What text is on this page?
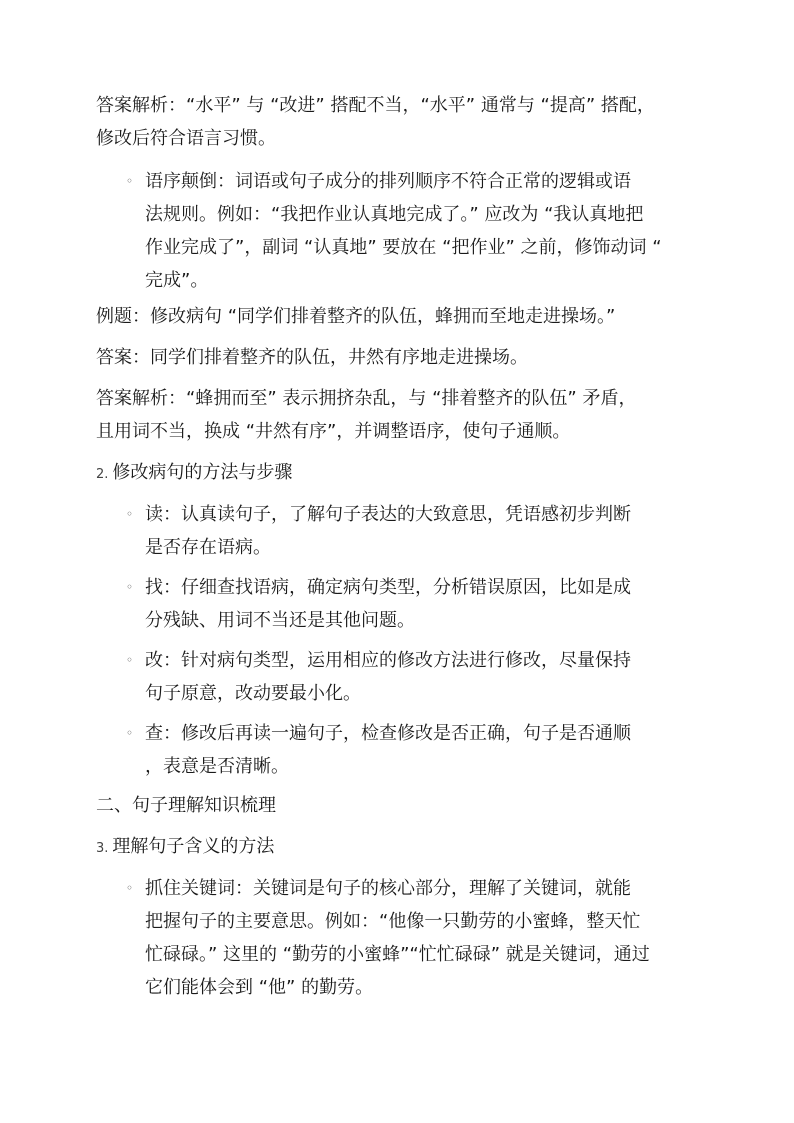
答案解析：“水平” 与 “改进” 搭配不当，“水平” 通常与 “提高” 搭配，
修改后符合语言习惯。
◦ 语序颠倒：词语或句子成分的排列顺序不符合正常的逻辑或语
法规则。例如：“我把作业认真地完成了。” 应改为 “我认真地把
作业完成了”，副词 “认真地” 要放在 “把作业” 之前，修饰动词 “
完成”。
例题：修改病句 “同学们排着整齐的队伍，蜂拥而至地走进操场。”
答案：同学们排着整齐的队伍，井然有序地走进操场。
答案解析：“蜂拥而至” 表示拥挤杂乱，与 “排着整齐的队伍” 矛盾，
且用词不当，换成 “井然有序”，并调整语序，使句子通顺。
2. 修改病句的方法与步骤
◦ 读：认真读句子，了解句子表达的大致意思，凭语感初步判断
是否存在语病。
◦ 找：仔细查找语病，确定病句类型，分析错误原因，比如是成
分残缺、用词不当还是其他问题。
◦ 改：针对病句类型，运用相应的修改方法进行修改，尽量保持
句子原意，改动要最小化。
◦ 查：修改后再读一遍句子，检查修改是否正确，句子是否通顺
，表意是否清晰。
二、句子理解知识梳理
3. 理解句子含义的方法
◦ 抓住关键词：关键词是句子的核心部分，理解了关键词，就能
把握句子的主要意思。例如：“他像一只勤劳的小蜜蜂，整天忙
忙碌碌。” 这里的 “勤劳的小蜜蜂”“忙忙碌碌” 就是关键词，通过
它们能体会到 “他” 的勤劳。
